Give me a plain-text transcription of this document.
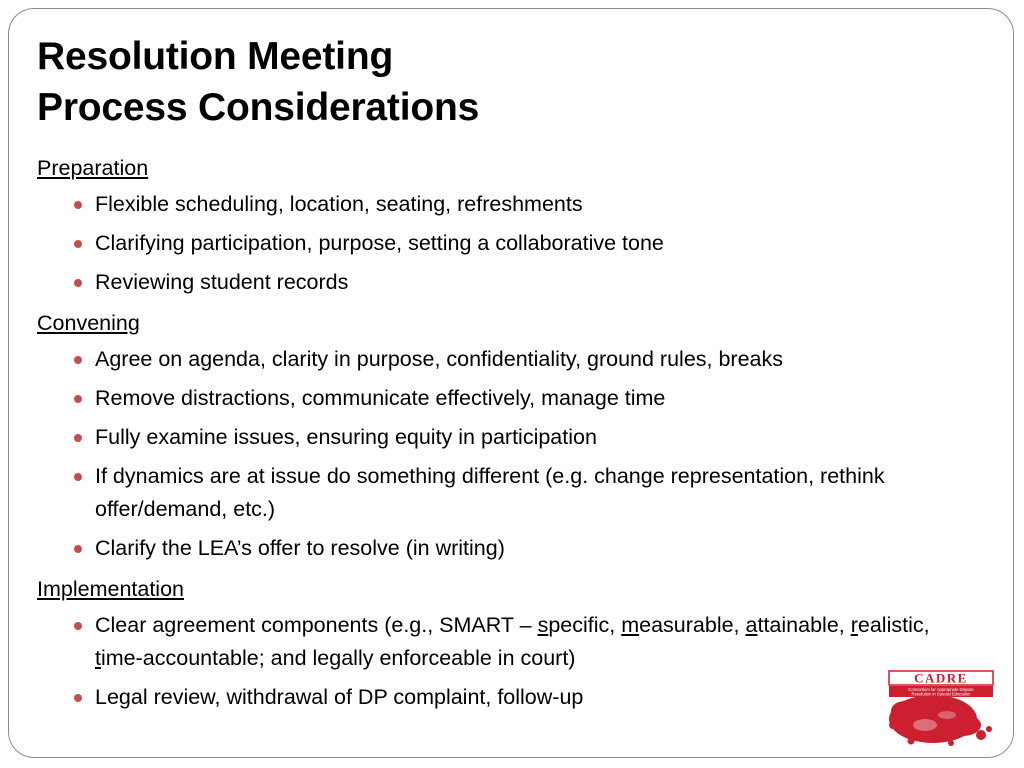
Resolution Meeting
Process Considerations
Preparation
Flexible scheduling, location, seating, refreshments
Clarifying participation, purpose, setting a collaborative tone
Reviewing student records
Convening
Agree on agenda, clarity in purpose, confidentiality, ground rules, breaks
Remove distractions, communicate effectively, manage time
Fully examine issues, ensuring equity in participation
If dynamics are at issue do something different (e.g. change representation, rethink offer/demand, etc.)
Clarify the LEA’s offer to resolve (in writing)
Implementation
Clear agreement components (e.g., SMART – specific, measurable, attainable, realistic, time-accountable; and legally enforceable in court)
Legal review, withdrawal of DP complaint, follow-up
CADRE
Consortium for Appropriate Dispute
Resolution in Special Education
